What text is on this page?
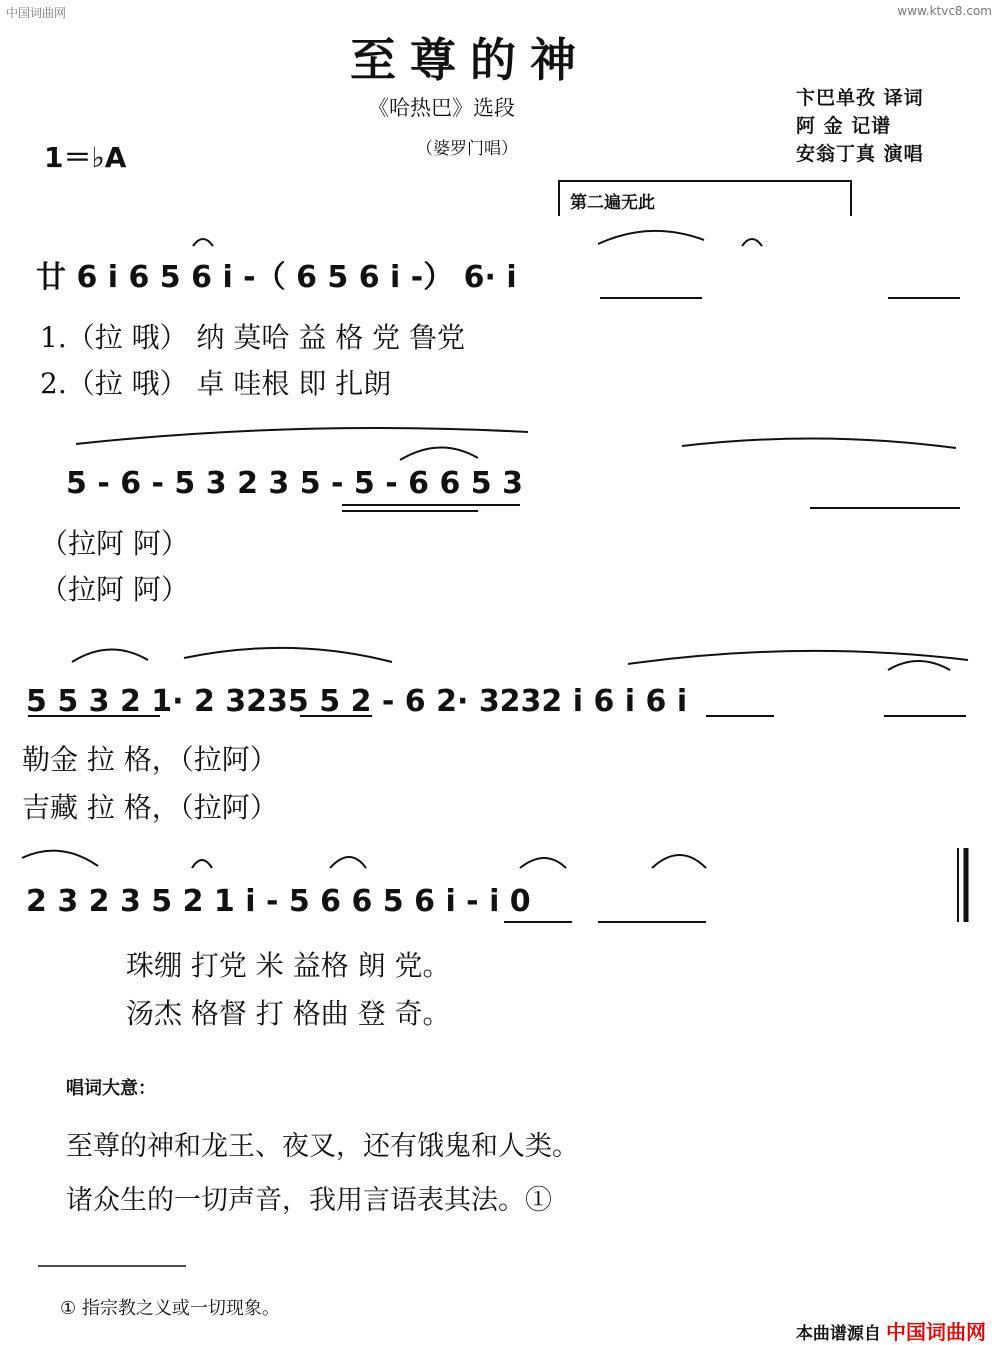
中国词曲网	www.ktvc8.com
至尊的神
《哈热巴》选段
（婆罗门唱）
1＝♭A
卞巴单孜 译词
阿 金 记谱
安翁丁真 演唱
第二遍无此
廿 6 i 6 5 6 i -（ 6 5 6 i -） 6· i
1.（拉 哦） 纳 莫哈 益 格 党 鲁党
2.（拉 哦） 卓 哇根 即 扎朗
5 - 6 - 5 3 2 3 5 - 5 - 6 6 5 3
（拉阿 阿）
（拉阿 阿）
5 5 3 2 1· 2 3235 5 2 - 6 2· 3232 i 6 i 6 i
勒金 拉 格，（拉阿）
吉藏 拉 格，（拉阿）
2 3 2 3 5 2 1 i - 5 6 6 5 6 i - i 0
珠绷 打党 米 益格 朗 党。
汤杰 格督 打 格曲 登 奇。
唱词大意：
至尊的神和龙王、夜叉，还有饿鬼和人类。
诸众生的一切声音，我用言语表其法。①
① 指宗教之义或一切现象。
本曲谱源自 中国词曲网
